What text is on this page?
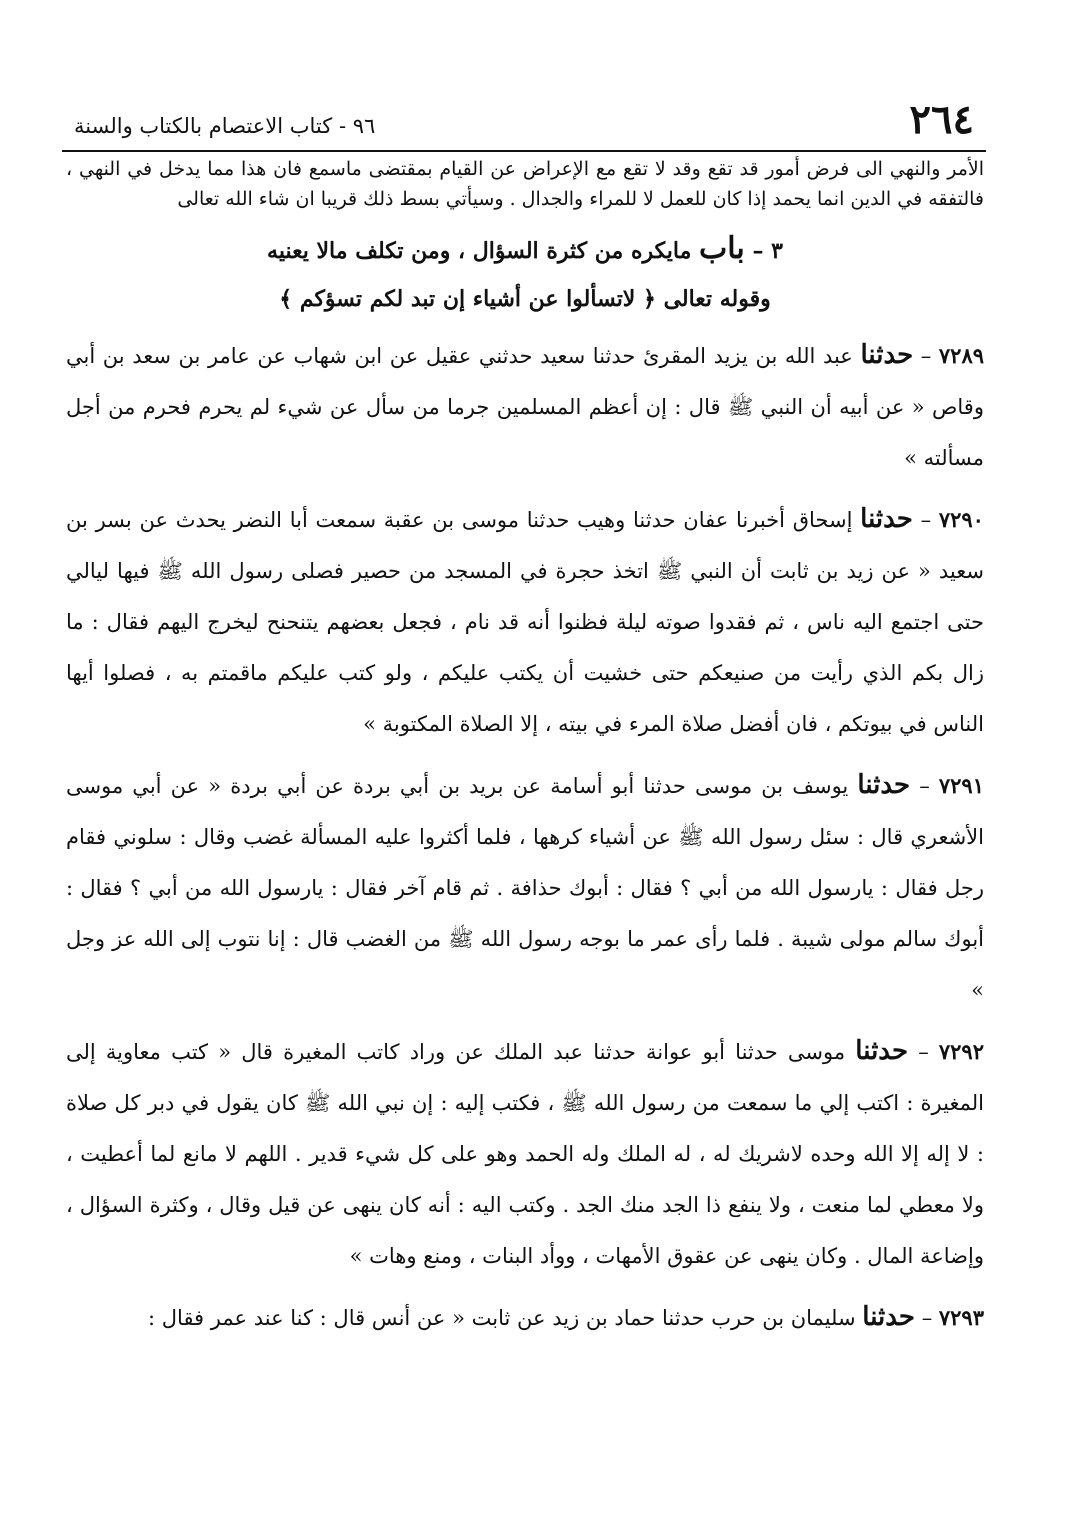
٢٦٤
٩٦ - كتاب الاعتصام بالكتاب والسنة

الأمر والنهي الى فرض أمور قد تقع وقد لا تقع مع الإعراض عن القيام بمقتضى ماسمع فان هذا مما يدخل في النهي ، فالتفقه في الدين انما يحمد إذا كان للعمل لا للمراء والجدال . وسيأتي بسط ذلك قريبا ان شاء الله تعالى

٣ – باب مايكره من كثرة السؤال ، ومن تكلف مالا يعنيه

وقوله تعالى ﴿ لاتسألوا عن أشياء إن تبد لكم تسؤكم ﴾

٧٢٨٩ – حدثنا عبد الله بن يزيد المقرئ حدثنا سعيد حدثني عقيل عن ابن شهاب عن عامر بن سعد بن أبي وقاص « عن أبيه أن النبي ﷺ قال : إن أعظم المسلمين جرما من سأل عن شيء لم يحرم فحرم من أجل مسألته »

٧٢٩٠ – حدثنا إسحاق أخبرنا عفان حدثنا وهيب حدثنا موسى بن عقبة سمعت أبا النضر يحدث عن بسر بن سعيد « عن زيد بن ثابت أن النبي ﷺ اتخذ حجرة في المسجد من حصير فصلى رسول الله ﷺ فيها ليالي حتى اجتمع اليه ناس ، ثم فقدوا صوته ليلة فظنوا أنه قد نام ، فجعل بعضهم يتنحنح ليخرج اليهم فقال : ما زال بكم الذي رأيت من صنيعكم حتى خشيت أن يكتب عليكم ، ولو كتب عليكم ماقمتم به ، فصلوا أيها الناس في بيوتكم ، فان أفضل صلاة المرء في بيته ، إلا الصلاة المكتوبة »

٧٢٩١ – حدثنا يوسف بن موسى حدثنا أبو أسامة عن بريد بن أبي بردة عن أبي بردة « عن أبي موسى الأشعري قال : سئل رسول الله ﷺ عن أشياء كرهها ، فلما أكثروا عليه المسألة غضب وقال : سلوني فقام رجل فقال : يارسول الله من أبي ؟ فقال : أبوك حذافة . ثم قام آخر فقال : يارسول الله من أبي ؟ فقال : أبوك سالم مولى شيبة . فلما رأى عمر ما بوجه رسول الله ﷺ من الغضب قال : إنا نتوب إلى الله عز وجل »

٧٢٩٢ – حدثنا موسى حدثنا أبو عوانة حدثنا عبد الملك عن وراد كاتب المغيرة قال « كتب معاوية إلى المغيرة : اكتب إلي ما سمعت من رسول الله ﷺ ، فكتب إليه : إن نبي الله ﷺ كان يقول في دبر كل صلاة : لا إله إلا الله وحده لاشريك له ، له الملك وله الحمد وهو على كل شيء قدير . اللهم لا مانع لما أعطيت ، ولا معطي لما منعت ، ولا ينفع ذا الجد منك الجد . وكتب اليه : أنه كان ينهى عن قيل وقال ، وكثرة السؤال ، وإضاعة المال . وكان ينهى عن عقوق الأمهات ، ووأد البنات ، ومنع وهات »

٧٢٩٣ – حدثنا سليمان بن حرب حدثنا حماد بن زيد عن ثابت « عن أنس قال : كنا عند عمر فقال :
